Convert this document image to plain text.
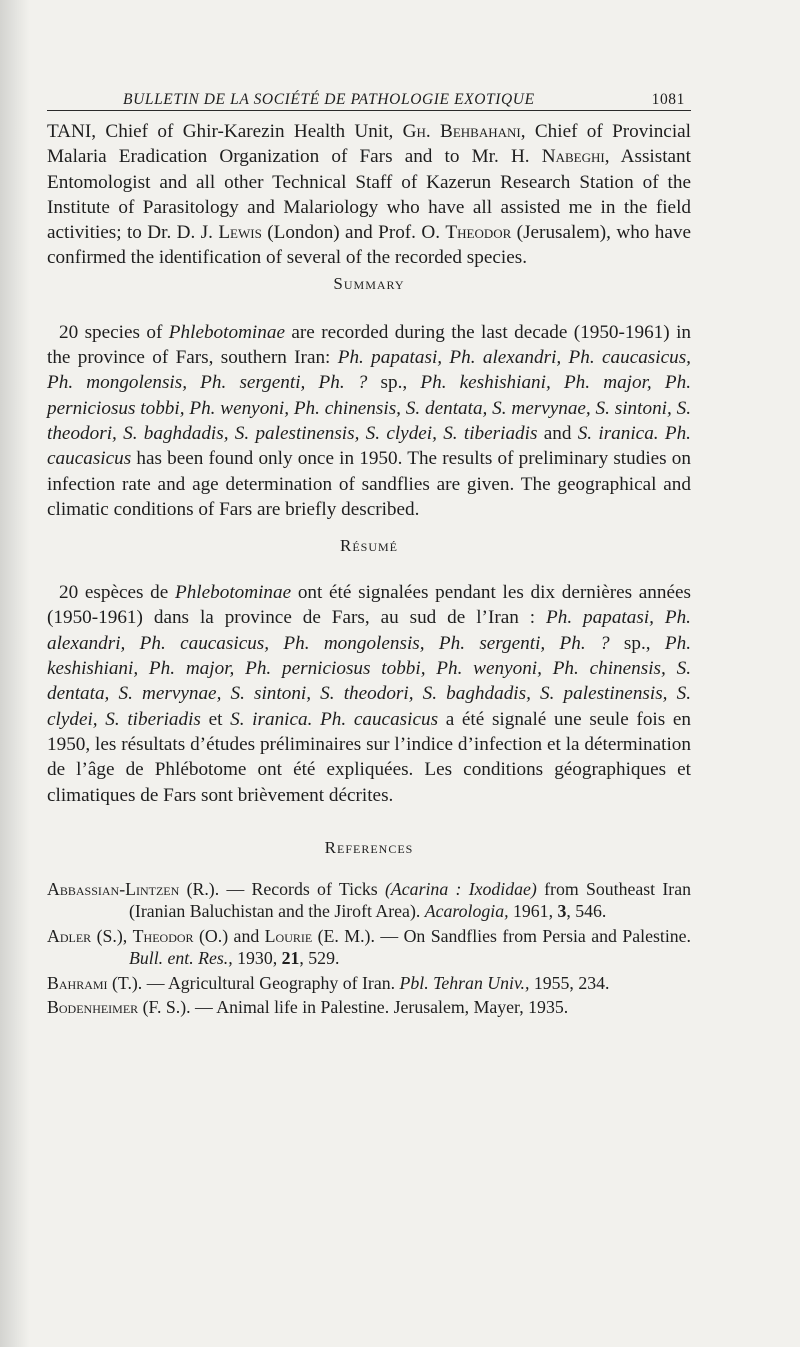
BULLETIN DE LA SOCIÉTÉ DE PATHOLOGIE EXOTIQUE	1081

TANI, Chief of Ghir-Karezin Health Unit, Gh. Behbahani, Chief of Provincial Malaria Eradication Organization of Fars and to Mr. H. Nabeghi, Assistant Entomologist and all other Technical Staff of Kazerun Research Station of the Institute of Parasitology and Malariology who have all assisted me in the field activities; to Dr. D. J. Lewis (London) and Prof. O. Theodor (Jerusalem), who have confirmed the identification of several of the recorded species.

Summary

20 species of Phlebotominae are recorded during the last decade (1950-1961) in the province of Fars, southern Iran: Ph. papatasi, Ph. alexandri, Ph. caucasicus, Ph. mongolensis, Ph. sergenti, Ph. ? sp., Ph. keshishiani, Ph. major, Ph. perniciosus tobbi, Ph. wenyoni, Ph. chinensis, S. dentata, S. mervynae, S. sintoni, S. theodori, S. baghdadis, S. palestinensis, S. clydei, S. tiberiadis and S. iranica. Ph. caucasicus has been found only once in 1950. The results of preliminary studies on infection rate and age determination of sandflies are given. The geographical and climatic conditions of Fars are briefly described.

Résumé

20 espèces de Phlebotominae ont été signalées pendant les dix dernières années (1950-1961) dans la province de Fars, au sud de l’Iran : Ph. papatasi, Ph. alexandri, Ph. caucasicus, Ph. mongolensis, Ph. sergenti, Ph. ? sp., Ph. keshishiani, Ph. major, Ph. perniciosus tobbi, Ph. wenyoni, Ph. chinensis, S. dentata, S. mervynae, S. sintoni, S. theodori, S. baghdadis, S. palestinensis, S. clydei, S. tiberiadis et S. iranica. Ph. caucasicus a été signalé une seule fois en 1950, les résultats d’études préliminaires sur l’indice d’infection et la détermination de l’âge de Phlébotome ont été expliquées. Les conditions géographiques et climatiques de Fars sont brièvement décrites.

References
Abbassian-Lintzen (R.). — Records of Ticks (Acarina : Ixodidae) from Southeast Iran (Iranian Baluchistan and the Jiroft Area). Acarologia, 1961, 3, 546.
Adler (S.), Theodor (O.) and Lourie (E. M.). — On Sandflies from Persia and Palestine. Bull. ent. Res., 1930, 21, 529.
Bahrami (T.). — Agricultural Geography of Iran. Pbl. Tehran Univ., 1955, 234.
Bodenheimer (F. S.). — Animal life in Palestine. Jerusalem, Mayer, 1935.
